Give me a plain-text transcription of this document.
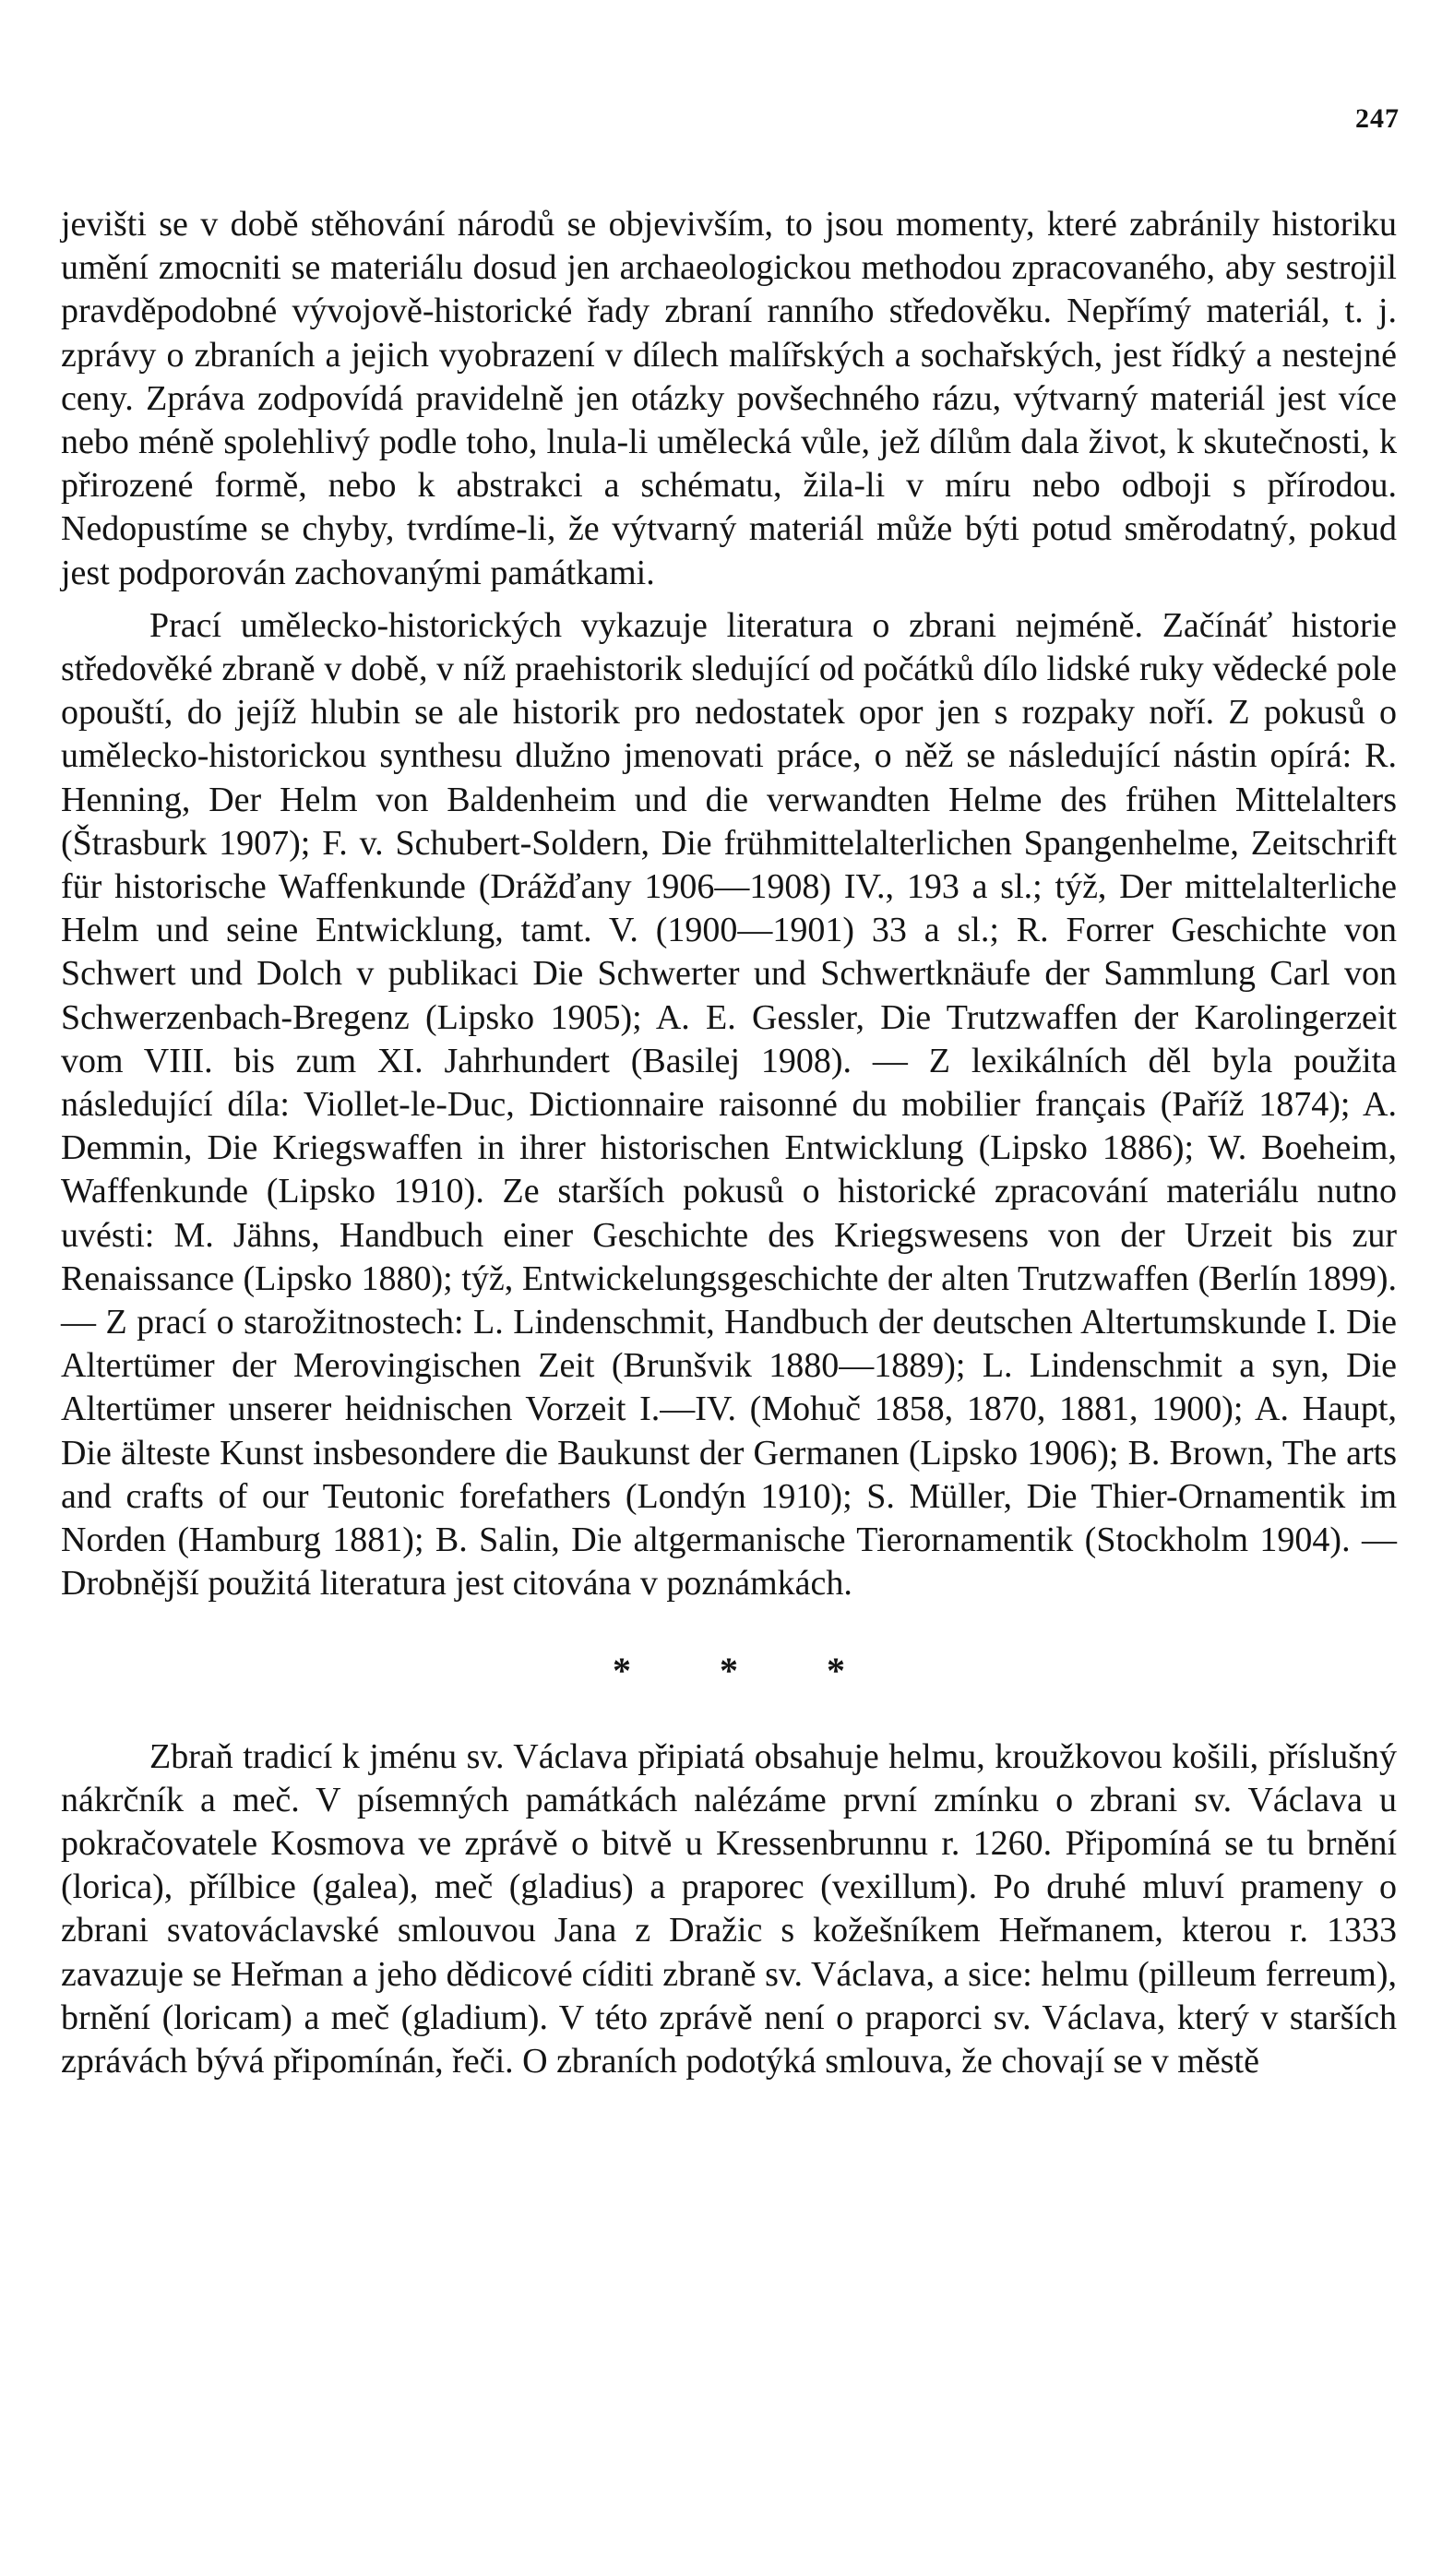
247

jevišti se v době stěhování národů se objevivším, to jsou momenty, které zabránily historiku umění zmocniti se materiálu dosud jen archaeologickou methodou zpracovaného, aby sestrojil pravděpodobné vývojově-historické řady zbraní ranního středověku. Nepřímý materiál, t. j. zprávy o zbraních a jejich vyobrazení v dílech malířských a sochařských, jest řídký a nestejné ceny. Zpráva zodpovídá pravidelně jen otázky povšechného rázu, výtvarný materiál jest více nebo méně spolehlivý podle toho, lnula-li umělecká vůle, jež dílům dala život, k skutečnosti, k přirozené formě, nebo k abstrakci a schématu, žila-li v míru nebo odboji s přírodou. Nedopustíme se chyby, tvrdíme-li, že výtvarný materiál může býti potud směrodatný, pokud jest podporován zachovanými památkami.

Prací umělecko-historických vykazuje literatura o zbrani nejméně. Začínáť historie středověké zbraně v době, v níž praehistorik sledující od počátků dílo lidské ruky vědecké pole opouští, do jejíž hlubin se ale historik pro nedostatek opor jen s rozpaky noří. Z pokusů o umělecko-historickou synthesu dlužno jmenovati práce, o něž se následující nástin opírá: R. Henning, Der Helm von Baldenheim und die verwandten Helme des frühen Mittelalters (Štrasburk 1907); F. v. Schubert-Soldern, Die frühmittelalterlichen Spangenhelme, Zeitschrift für historische Waffenkunde (Drážďany 1906—1908) IV., 193 a sl.; týž, Der mittelalterliche Helm und seine Entwicklung, tamt. V. (1900—1901) 33 a sl.; R. Forrer Geschichte von Schwert und Dolch v publikaci Die Schwerter und Schwertknäufe der Sammlung Carl von Schwerzenbach-Bregenz (Lipsko 1905); A. E. Gessler, Die Trutzwaffen der Karolingerzeit vom VIII. bis zum XI. Jahrhundert (Basilej 1908). — Z lexikálních děl byla použita následující díla: Viollet-le-Duc, Dictionnaire raisonné du mobilier français (Paříž 1874); A. Demmin, Die Kriegswaffen in ihrer historischen Entwicklung (Lipsko 1886); W. Boeheim, Waffenkunde (Lipsko 1910). Ze starších pokusů o historické zpracování materiálu nutno uvésti: M. Jähns, Handbuch einer Geschichte des Kriegswesens von der Urzeit bis zur Renaissance (Lipsko 1880); týž, Entwickelungsgeschichte der alten Trutzwaffen (Berlín 1899). — Z prací o starožitnostech: L. Lindenschmit, Handbuch der deutschen Altertumskunde I. Die Altertümer der Merovingischen Zeit (Brunšvik 1880—1889); L. Lindenschmit a syn, Die Altertümer unserer heidnischen Vorzeit I.—IV. (Mohuč 1858, 1870, 1881, 1900); A. Haupt, Die älteste Kunst insbesondere die Baukunst der Germanen (Lipsko 1906); B. Brown, The arts and crafts of our Teutonic forefathers (Londýn 1910); S. Müller, Die Thier-Ornamentik im Norden (Hamburg 1881); B. Salin, Die altgermanische Tierornamentik (Stockholm 1904). — Drobnější použitá literatura jest citována v poznámkách.

* * *

Zbraň tradicí k jménu sv. Václava připiatá obsahuje helmu, kroužkovou košili, příslušný nákrčník a meč. V písemných památkách nalézáme první zmínku o zbrani sv. Václava u pokračovatele Kosmova ve zprávě o bitvě u Kressenbrunnu r. 1260. Připomíná se tu brnění (lorica), přílbice (galea), meč (gladius) a praporec (vexillum). Po druhé mluví prameny o zbrani svatováclavské smlouvou Jana z Dražic s kožešníkem Heřmanem, kterou r. 1333 zavazuje se Heřman a jeho dědicové cíditi zbraně sv. Václava, a sice: helmu (pilleum ferreum), brnění (loricam) a meč (gladium). V této zprávě není o praporci sv. Václava, který v starších zprávách bývá připomínán, řeči. O zbraních podotýká smlouva, že chovají se v městě
